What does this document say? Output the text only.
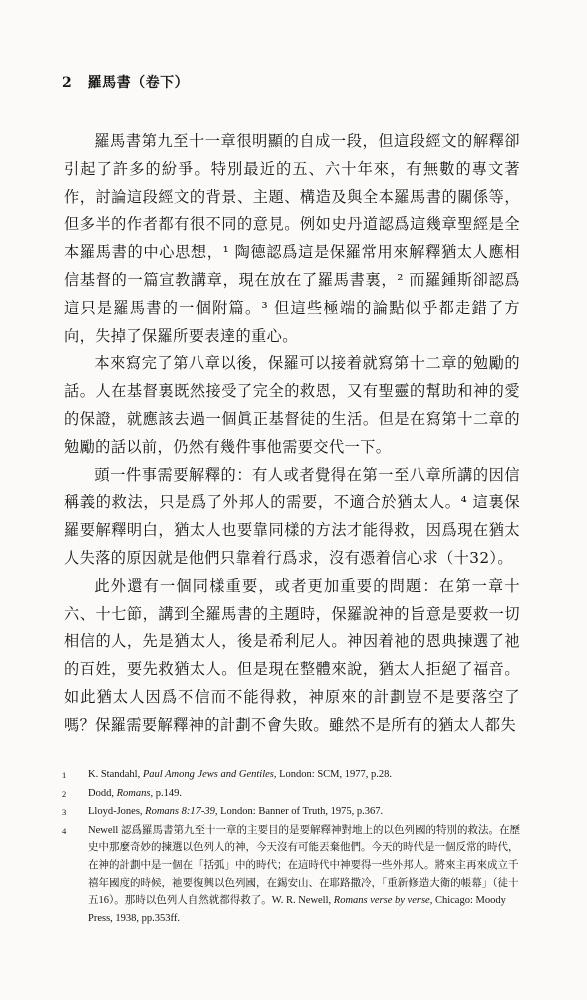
2 羅馬書（卷下）

羅馬書第九至十一章很明顯的自成一段，但這段經文的解釋卻引起了許多的紛爭。特別最近的五、六十年來，有無數的專文著作，討論這段經文的背景、主題、構造及與全本羅馬書的關係等，但多半的作者都有很不同的意見。例如史丹道認爲這幾章聖經是全本羅馬書的中心思想，¹ 陶德認爲這是保羅常用來解釋猶太人應相信基督的一篇宣教講章，現在放在了羅馬書裏，² 而羅鍾斯卻認爲這只是羅馬書的一個附篇。³ 但這些極端的論點似乎都走錯了方向，失掉了保羅所要表達的重心。

本來寫完了第八章以後，保羅可以接着就寫第十二章的勉勵的話。人在基督裏既然接受了完全的救恩，又有聖靈的幫助和神的愛的保證，就應該去過一個眞正基督徒的生活。但是在寫第十二章的勉勵的話以前，仍然有幾件事他需要交代一下。

頭一件事需要解釋的：有人或者覺得在第一至八章所講的因信稱義的救法，只是爲了外邦人的需要，不適合於猶太人。⁴ 這裏保羅要解釋明白，猶太人也要靠同樣的方法才能得救，因爲現在猶太人失落的原因就是他們只靠着行爲求，沒有憑着信心求（十32）。

此外還有一個同樣重要，或者更加重要的問題：在第一章十六、十七節，講到全羅馬書的主題時，保羅說神的旨意是要救一切相信的人，先是猶太人，後是希利尼人。神因着祂的恩典揀選了祂的百姓，要先救猶太人。但是現在整體來說，猶太人拒絕了福音。如此猶太人因爲不信而不能得救，神原來的計劃豈不是要落空了嗎？保羅需要解釋神的計劃不會失敗。雖然不是所有的猶太人都失

1	K. Standahl, Paul Among Jews and Gentiles, London: SCM, 1977, p.28.
2	Dodd, Romans, p.149.
3	Lloyd-Jones, Romans 8:17-39, London: Banner of Truth, 1975, p.367.
4	Newell 認爲羅馬書第九至十一章的主要目的是要解釋神對地上的以色列國的特別的救法。在歷史中那麼奇妙的揀選以色列人的神，今天沒有可能丟棄他們。今天的時代是一個反常的時代，在神的計劃中是一個在「括弧」中的時代；在這時代中神要得一些外邦人。將來主再來成立千禧年國度的時候，祂要復興以色列國，在錫安山、在耶路撒冷，「重新修造大衛的帳幕」（徒十五16）。那時以色列人自然就都得救了。W. R. Newell, Romans verse by verse, Chicago: Moody Press, 1938, pp.353ff.
